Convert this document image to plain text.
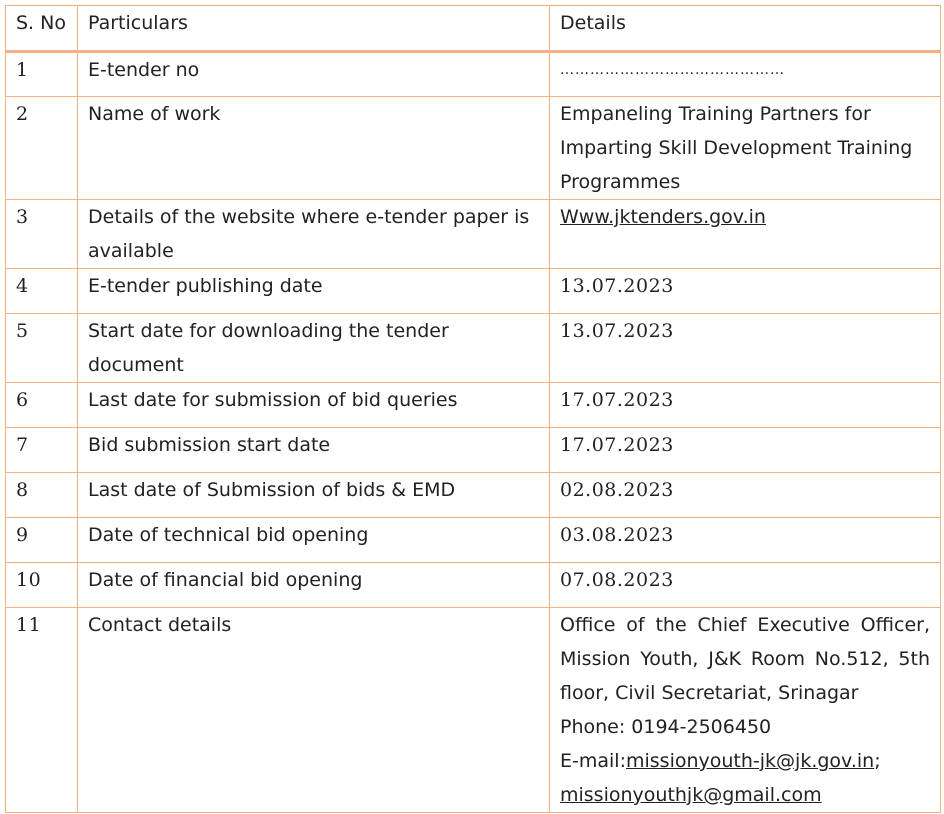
S. No	Particulars	Details
1	E-tender no	………………………………………
2	Name of work	Empaneling Training Partners for Imparting Skill Development Training Programmes
3	Details of the website where e-tender paper is available	Www.jktenders.gov.in
4	E-tender publishing date	13.07.2023
5	Start date for downloading the tender document	13.07.2023
6	Last date for submission of bid queries	17.07.2023
7	Bid submission start date	17.07.2023
8	Last date of Submission of bids & EMD	02.08.2023
9	Date of technical bid opening	03.08.2023
10	Date of financial bid opening	07.08.2023
11	Contact details	Office of the Chief Executive Officer, Mission Youth, J&K Room No.512, 5th floor, Civil Secretariat, Srinagar
Phone: 0194-2506450
E-mail:missionyouth-jk@jk.gov.in;
missionyouthjk@gmail.com
